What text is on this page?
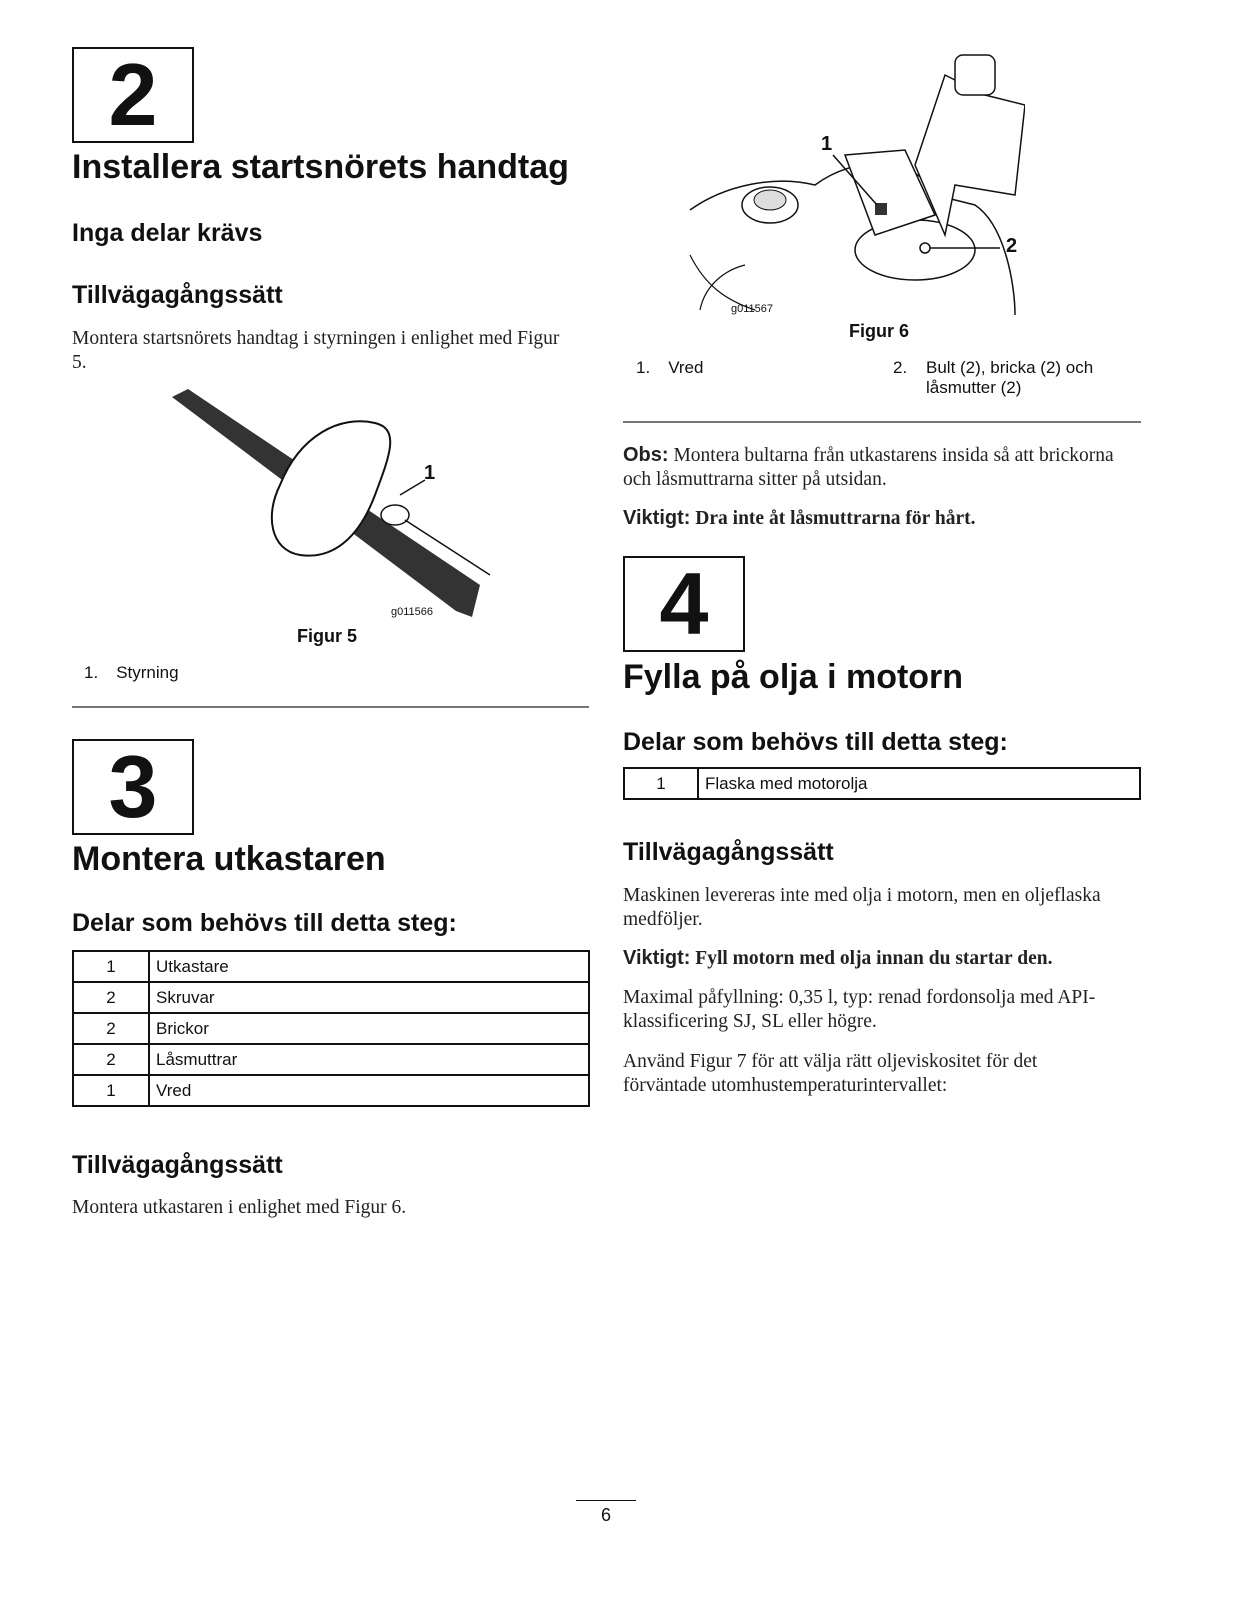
2
Installera startsnörets handtag
Inga delar krävs
Tillvägagångssätt
Montera startsnörets handtag i styrningen i enlighet med Figur 5.
1
g011566
Figur 5
1. Styrning
3
Montera utkastaren
Delar som behövs till detta steg:
1	Utkastare
2	Skruvar
2	Brickor
2	Låsmuttrar
1	Vred
Tillvägagångssätt
Montera utkastaren i enlighet med Figur 6.
1
2
g011567
Figur 6
1. Vred	2.	Bult (2), bricka (2) och låsmutter (2)
Obs: Montera bultarna från utkastarens insida så att brickorna och låsmuttrarna sitter på utsidan.
Viktigt: Dra inte åt låsmuttrarna för hårt.
4
Fylla på olja i motorn
Delar som behövs till detta steg:
1	Flaska med motorolja
Tillvägagångssätt
Maskinen levereras inte med olja i motorn, men en oljeflaska medföljer.
Viktigt: Fyll motorn med olja innan du startar den.
Maximal påfyllning: 0,35 l, typ: renad fordonsolja med API-klassificering SJ, SL eller högre.
Använd Figur 7 för att välja rätt oljeviskositet för det förväntade utomhustemperaturintervallet:
6
